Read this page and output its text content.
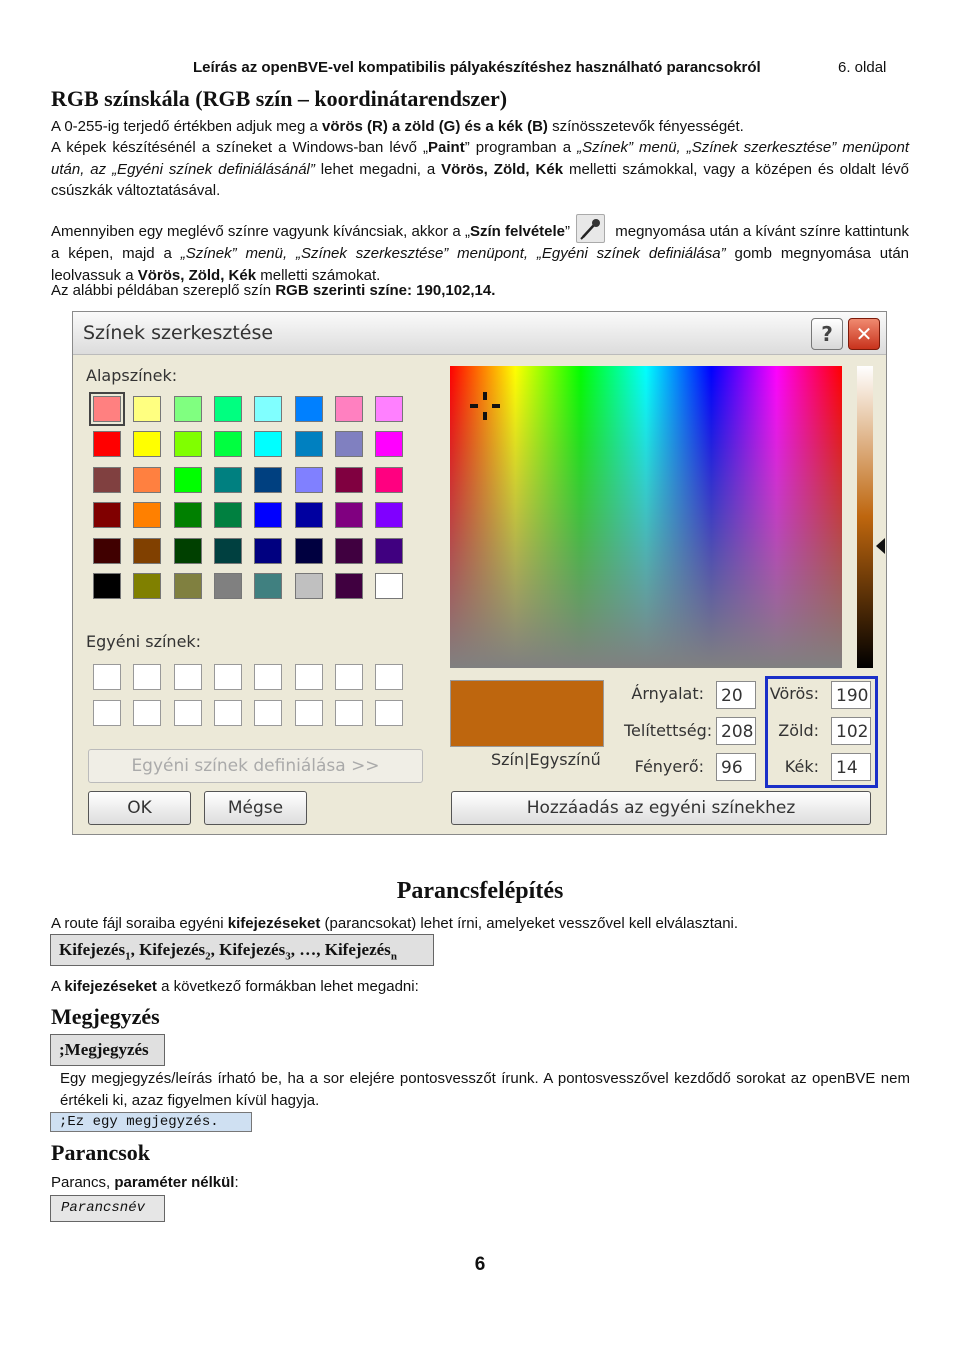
Leírás az openBVE-vel kompatibilis pályakészítéshez használható parancsokról	6. oldal
RGB színskála (RGB szín – koordinátarendszer)
A 0-255-ig terjedő értékben adjuk meg a vörös (R) a zöld (G) és a kék (B) színösszetevők fényességét.
A képek készítésénél a színeket a Windows-ban lévő „Paint” programban a „Színek” menü, „Színek szerkesztése” menüpont után, az „Egyéni színek definiálásánál” lehet megadni, a Vörös, Zöld, Kék melletti számokkal, vagy a középen és oldalt lévő csúszkák változtatásával.
Amennyiben egy meglévő színre vagyunk kíváncsiak, akkor a „Szín felvétele”	megnyomása után a kívánt színre kattintunk a képen, majd a „Színek” menü, „Színek szerkesztése” menüpont, „Egyéni színek definiálása” gomb megnyomása után leolvassuk a Vörös, Zöld, Kék melletti számokat.
Az alábbi példában szereplő szín RGB szerinti színe: 190,102,14.
Színek szerkesztése	?	✕
Alapszínek:
Egyéni színek:
Egyéni színek definiálása >>
OK	Mégse
Szín|Egyszínű
Árnyalat: 20
Telítettség: 208
Fényerő: 96
Vörös: 190
Zöld: 102
Kék: 14
Hozzáadás az egyéni színekhez
Parancsfelépítés
A route fájl soraiba egyéni kifejezéseket (parancsokat) lehet írni, amelyeket vesszővel kell elválasztani.
Kifejezés$_1$, Kifejezés$_2$, Kifejezés$_3$, …, Kifejezés$_n$
A kifejezéseket a következő formákban lehet megadni:
Megjegyzés
;Megjegyzés
Egy megjegyzés/leírás írható be, ha a sor elejére pontosvesszőt írunk. A pontosvesszővel kezdődő sorokat az openBVE nem értékeli ki, azaz figyelmen kívül hagyja.
;Ez egy megjegyzés.
Parancsok
Parancs, paraméter nélkül:
Parancsnév
6
